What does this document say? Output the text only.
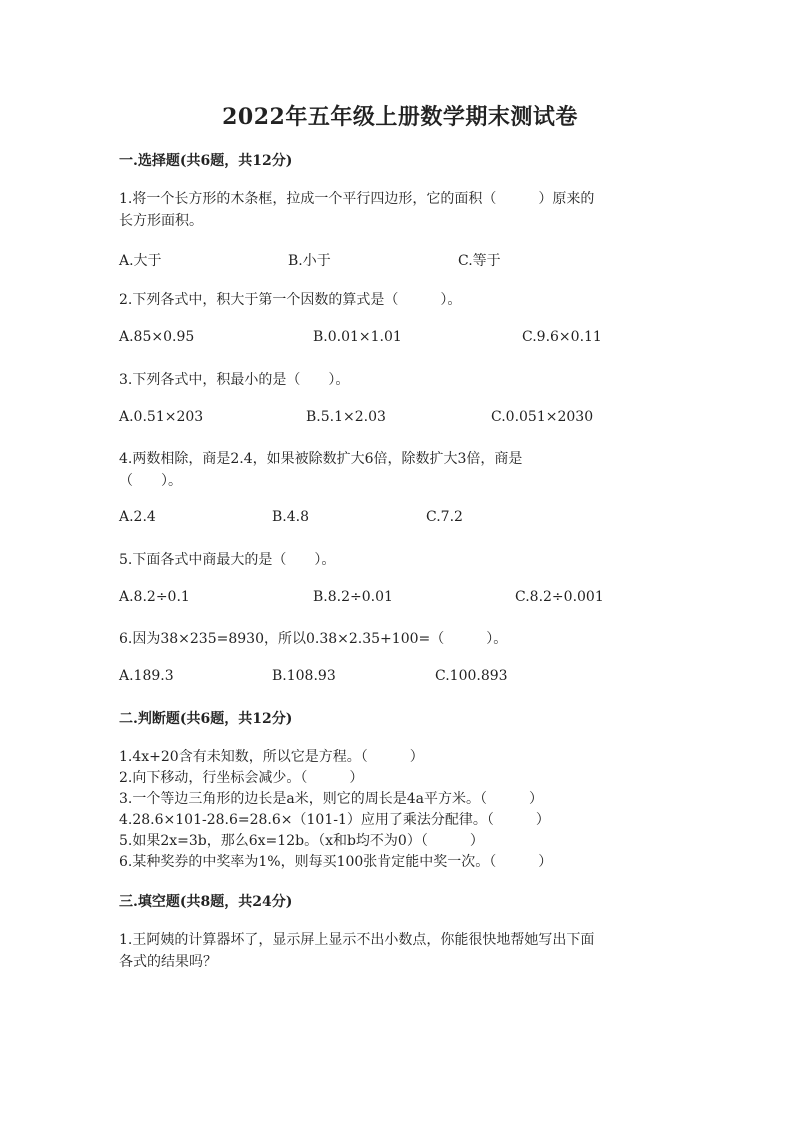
2022年五年级上册数学期末测试卷
一.选择题(共6题，共12分)
1.将一个长方形的木条框，拉成一个平行四边形，它的面积（　　　）原来的
长方形面积。
A.大于	B.小于	C.等于
2.下列各式中，积大于第一个因数的算式是（　　　）。
A.85×0.95	B.0.01×1.01	C.9.6×0.11
3.下列各式中，积最小的是（　　）。
A.0.51×203	B.5.1×2.03	C.0.051×2030
4.两数相除，商是2.4，如果被除数扩大6倍，除数扩大3倍，商是
（　　）。
A.2.4	B.4.8	C.7.2
5.下面各式中商最大的是（　　）。
A.8.2÷0.1	B.8.2÷0.01	C.8.2÷0.001
6.因为38×235=8930，所以0.38×2.35+100=（　　　）。
A.189.3	B.108.93	C.100.893
二.判断题(共6题，共12分)
1.4x+20含有未知数，所以它是方程。（　　　）
2.向下移动，行坐标会减少。（　　　）
3.一个等边三角形的边长是a米，则它的周长是4a平方米。（　　　）
4.28.6×101-28.6=28.6×（101-1）应用了乘法分配律。（　　　）
5.如果2x=3b，那么6x=12b。（x和b均不为0）（　　　）
6.某种奖券的中奖率为1%，则每买100张肯定能中奖一次。（　　　）
三.填空题(共8题，共24分)
1.王阿姨的计算器坏了，显示屏上显示不出小数点，你能很快地帮她写出下面
各式的结果吗？
